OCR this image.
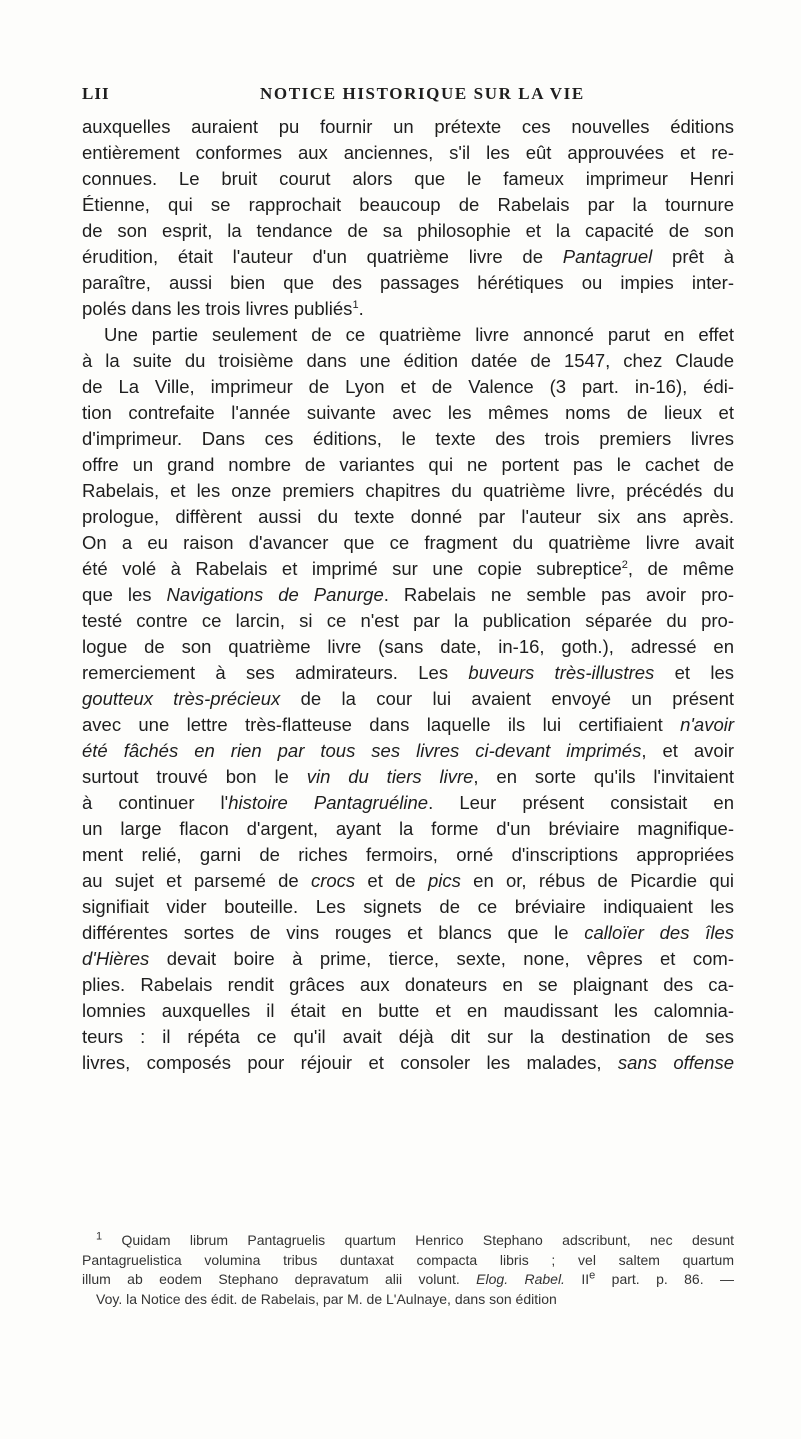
LII	NOTICE HISTORIQUE SUR LA VIE
auxquelles auraient pu fournir un prétexte ces nouvelles éditions
entièrement conformes aux anciennes, s'il les eût approuvées et re-
connues. Le bruit courut alors que le fameux imprimeur Henri
Étienne, qui se rapprochait beaucoup de Rabelais par la tournure
de son esprit, la tendance de sa philosophie et la capacité de son
érudition, était l'auteur d'un quatrième livre de Pantagruel prêt à
paraître, aussi bien que des passages hérétiques ou impies inter-
polés dans les trois livres publiés$^1$.
Une partie seulement de ce quatrième livre annoncé parut en effet
à la suite du troisième dans une édition datée de 1547, chez Claude
de La Ville, imprimeur de Lyon et de Valence (3 part. in-16), édi-
tion contrefaite l'année suivante avec les mêmes noms de lieux et
d'imprimeur. Dans ces éditions, le texte des trois premiers livres
offre un grand nombre de variantes qui ne portent pas le cachet de
Rabelais, et les onze premiers chapitres du quatrième livre, précédés du
prologue, diffèrent aussi du texte donné par l'auteur six ans après.
On a eu raison d'avancer que ce fragment du quatrième livre avait
été volé à Rabelais et imprimé sur une copie subreptice$^2$, de même
que les Navigations de Panurge. Rabelais ne semble pas avoir pro-
testé contre ce larcin, si ce n'est par la publication séparée du pro-
logue de son quatrième livre (sans date, in-16, goth.), adressé en
remerciement à ses admirateurs. Les buveurs très-illustres et les
goutteux très-précieux de la cour lui avaient envoyé un présent
avec une lettre très-flatteuse dans laquelle ils lui certifiaient n'avoir
été fâchés en rien par tous ses livres ci-devant imprimés, et avoir
surtout trouvé bon le vin du tiers livre, en sorte qu'ils l'invitaient
à continuer l'histoire Pantagruéline. Leur présent consistait en
un large flacon d'argent, ayant la forme d'un bréviaire magnifique-
ment relié, garni de riches fermoirs, orné d'inscriptions appropriées
au sujet et parsemé de crocs et de pics en or, rébus de Picardie qui
signifiait vider bouteille. Les signets de ce bréviaire indiquaient les
différentes sortes de vins rouges et blancs que le calloïer des îles
d'Hières devait boire à prime, tierce, sexte, none, vêpres et com-
plies. Rabelais rendit grâces aux donateurs en se plaignant des ca-
lomnies auxquelles il était en butte et en maudissant les calomnia-
teurs : il répéta ce qu'il avait déjà dit sur la destination de ses
livres, composés pour réjouir et consoler les malades, sans offense
$^1$ Quidam librum Pantagruelis quartum Henrico Stephano adscribunt, nec desunt
Pantagruelistica volumina tribus duntaxat compacta libris ; vel saltem quartum
illum ab eodem Stephano depravatum alii volunt. Elog. Rabel. IIe part. p. 86. —
Voy. la Notice des édit. de Rabelais, par M. de L'Aulnaye, dans son édition
